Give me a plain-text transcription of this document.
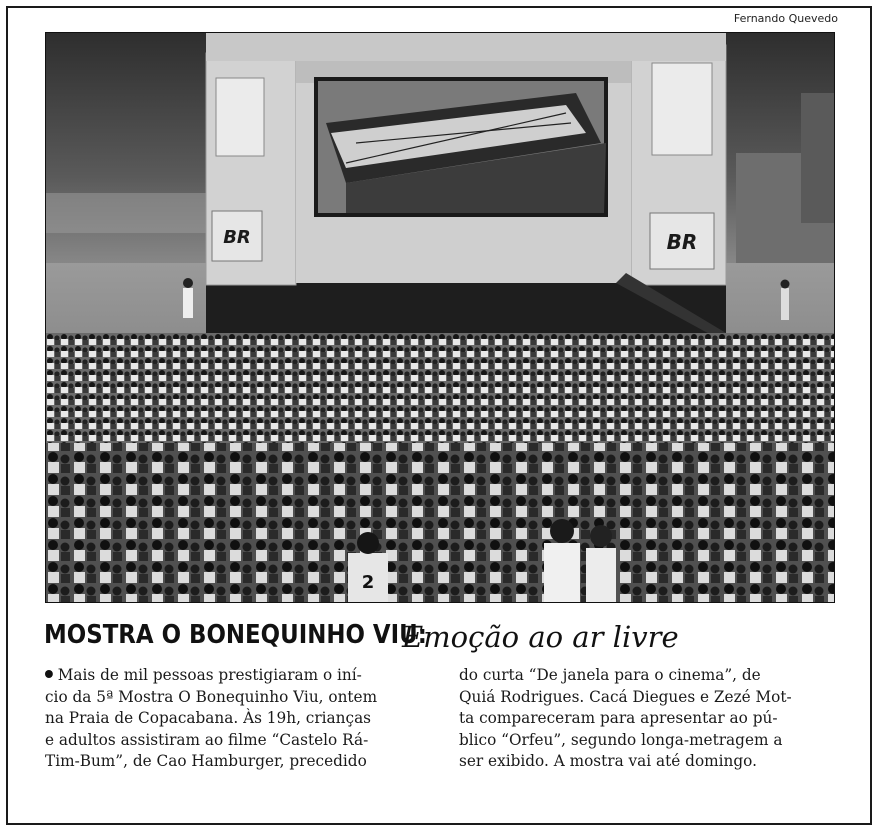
Fernando Quevedo
BR	BR
2
MOSTRA O BONEQUINHO VIU:
Emoção ao ar livre
Mais de mil pessoas prestigiaram o iní-
cio da 5ª Mostra O Bonequinho Viu, ontem
na Praia de Copacabana. Às 19h, crianças
e adultos assistiram ao filme “Castelo Rá-
Tim-Bum”, de Cao Hamburger, precedido
do curta “De janela para o cinema”, de
Quiá Rodrigues. Cacá Diegues e Zezé Mot-
ta compareceram para apresentar ao pú-
blico “Orfeu”, segundo longa-metragem a
ser exibido. A mostra vai até domingo.
